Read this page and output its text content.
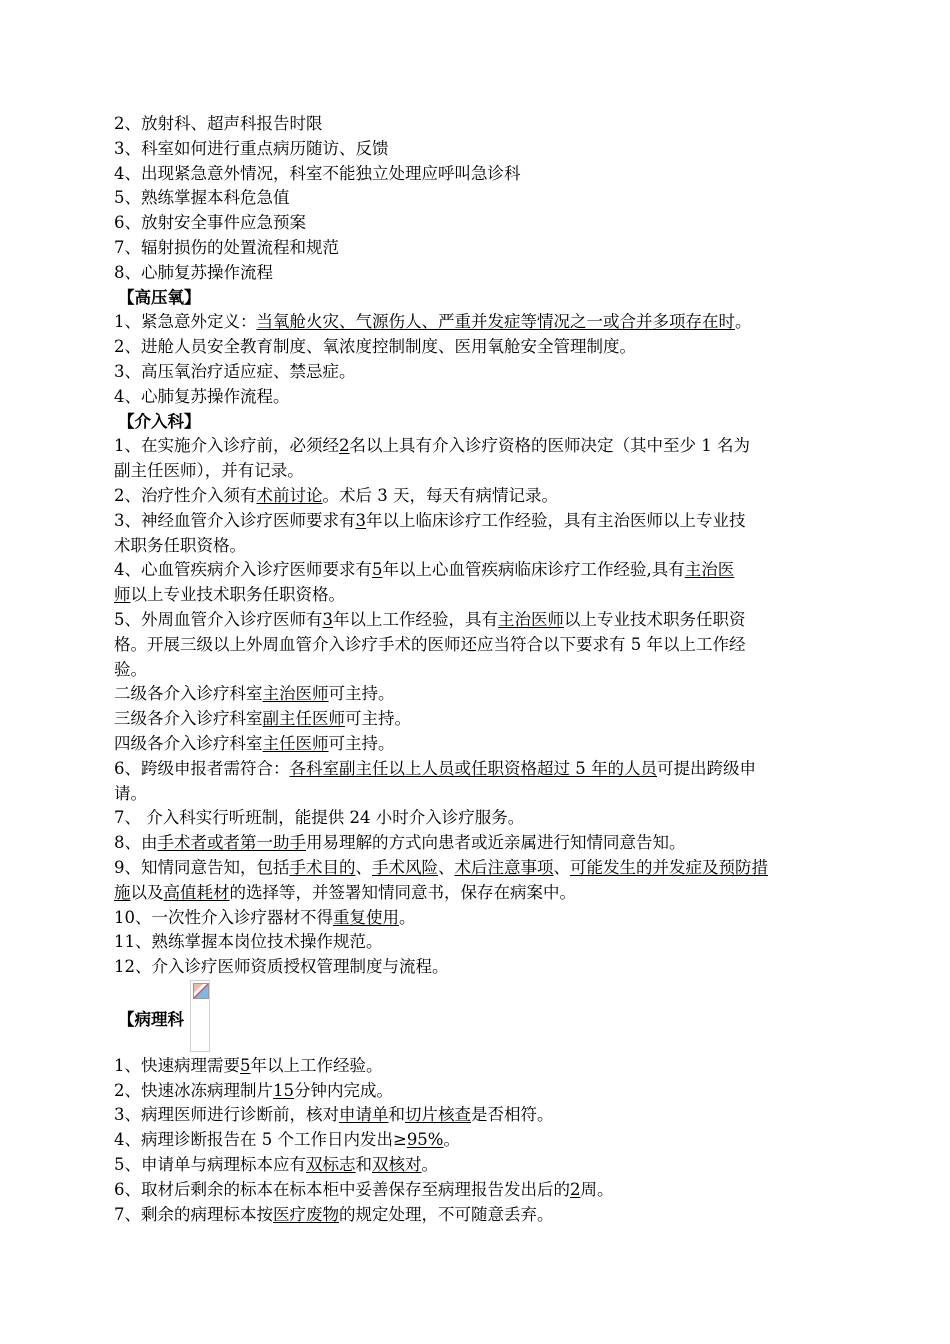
2、放射科、超声科报告时限

3、科室如何进行重点病历随访、反馈

4、出现紧急意外情况，科室不能独立处理应呼叫急诊科

5、熟练掌握本科危急值

6、放射安全事件应急预案

7、辐射损伤的处置流程和规范

8、心肺复苏操作流程

【高压氧】

1、紧急意外定义：当氧舱火灾、气源伤人、严重并发症等情况之一或合并多项存在时。

2、进舱人员安全教育制度、氧浓度控制制度、医用氧舱安全管理制度。

3、高压氧治疗适应症、禁忌症。

4、心肺复苏操作流程。

【介入科】

1、在实施介入诊疗前，必须经2名以上具有介入诊疗资格的医师决定（其中至少 1 名为

副主任医师），并有记录。

2、治疗性介入须有术前讨论。术后 3 天，每天有病情记录。

3、神经血管介入诊疗医师要求有3年以上临床诊疗工作经验，具有主治医师以上专业技

术职务任职资格。

4、心血管疾病介入诊疗医师要求有5年以上心血管疾病临床诊疗工作经验,具有主治医

师以上专业技术职务任职资格。

5、外周血管介入诊疗医师有3年以上工作经验，具有主治医师以上专业技术职务任职资

格。开展三级以上外周血管介入诊疗手术的医师还应当符合以下要求有 5 年以上工作经

验。

二级各介入诊疗科室主治医师可主持。

三级各介入诊疗科室副主任医师可主持。

四级各介入诊疗科室主任医师可主持。

6、跨级申报者需符合：各科室副主任以上人员或任职资格超过 5 年的人员可提出跨级申

请。

7、 介入科实行听班制，能提供 24 小时介入诊疗服务。

8、由手术者或者第一助手用易理解的方式向患者或近亲属进行知情同意告知。

9、知情同意告知，包括手术目的、手术风险、术后注意事项、可能发生的并发症及预防措

施以及高值耗材的选择等，并签署知情同意书，保存在病案中。

10、一次性介入诊疗器材不得重复使用。

11、熟练掌握本岗位技术操作规范。

12、介入诊疗医师资质授权管理制度与流程。

【病理科

1、快速病理需要5年以上工作经验。

2、快速冰冻病理制片15分钟内完成。

3、病理医师进行诊断前，核对申请单和切片核查是否相符。

4、病理诊断报告在 5 个工作日内发出≥95%。

5、申请单与病理标本应有双标志和双核对。

6、取材后剩余的标本在标本柜中妥善保存至病理报告发出后的2周。

7、剩余的病理标本按医疗废物的规定处理，不可随意丢弃。
